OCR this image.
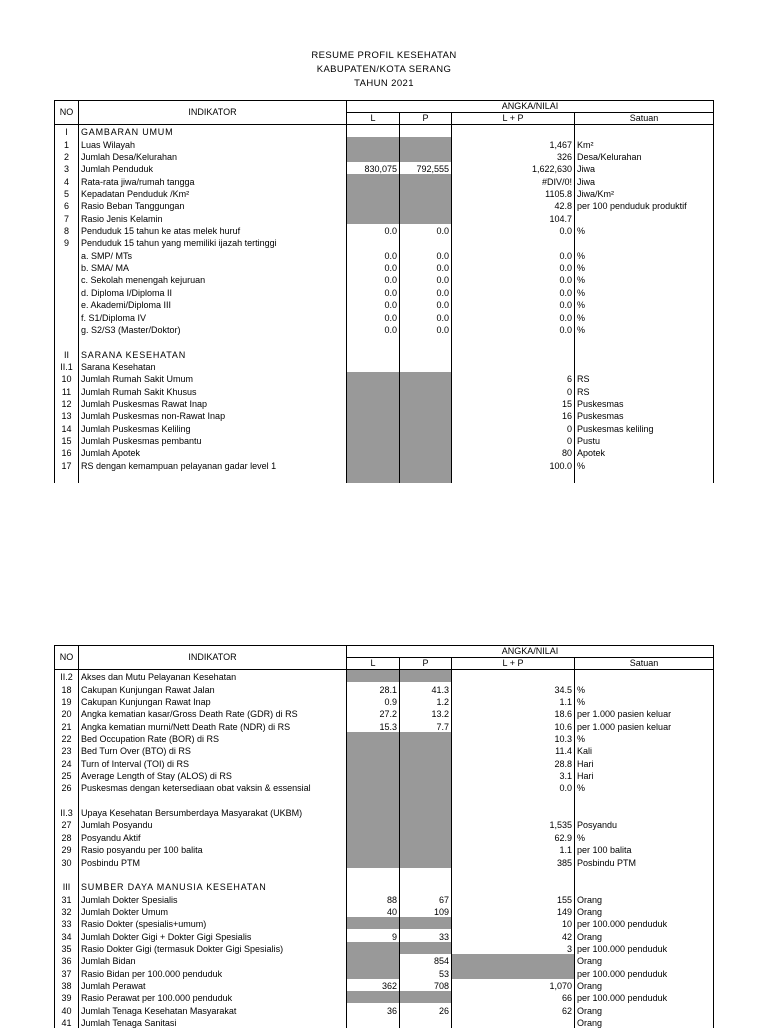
RESUME PROFIL KESEHATAN
KABUPATEN/KOTA SERANG
TAHUN 2021
NO	INDIKATOR	ANGKA/NILAI			
		L	P	L + P	Satuan
I	GAMBARAN UMUM				
1	Luas Wilayah			1,467	Km²
2	Jumlah Desa/Kelurahan			326	Desa/Kelurahan
3	Jumlah Penduduk	830,075	792,555	1,622,630	Jiwa
4	Rata-rata jiwa/rumah tangga			#DIV/0!	Jiwa
5	Kepadatan Penduduk /Km²			1105.8	Jiwa/Km²
6	Rasio Beban Tanggungan			42.8	per 100 penduduk produktif
7	Rasio Jenis Kelamin			104.7	
8	Penduduk 15 tahun ke atas melek huruf	0.0	0.0	0.0	%
9	Penduduk 15 tahun yang memiliki ijazah tertinggi				
	a. SMP/ MTs	0.0	0.0	0.0	%
	b. SMA/ MA	0.0	0.0	0.0	%
	c. Sekolah menengah kejuruan	0.0	0.0	0.0	%
	d. Diploma I/Diploma II	0.0	0.0	0.0	%
	e. Akademi/Diploma III	0.0	0.0	0.0	%
	f. S1/Diploma IV	0.0	0.0	0.0	%
	g. S2/S3 (Master/Doktor)	0.0	0.0	0.0	%

II	SARANA KESEHATAN				
II.1	Sarana Kesehatan				
10	Jumlah Rumah Sakit Umum			6	RS
11	Jumlah Rumah Sakit Khusus			0	RS
12	Jumlah Puskesmas Rawat Inap			15	Puskesmas
13	Jumlah Puskesmas non-Rawat Inap			16	Puskesmas
14	Jumlah Puskesmas Keliling			0	Puskesmas keliling
15	Jumlah Puskesmas pembantu			0	Pustu
16	Jumlah Apotek			80	Apotek
17	RS dengan kemampuan pelayanan gadar level 1			100.0	%

NO	INDIKATOR	ANGKA/NILAI			
		L	P	L + P	Satuan
II.2	Akses dan Mutu Pelayanan Kesehatan				
18	Cakupan Kunjungan Rawat Jalan	28.1	41.3	34.5	%
19	Cakupan Kunjungan Rawat Inap	0.9	1.2	1.1	%
20	Angka kematian kasar/Gross Death Rate (GDR) di RS	27.2	13.2	18.6	per 1.000 pasien keluar
21	Angka kematian murni/Nett Death Rate (NDR) di RS	15.3	7.7	10.6	per 1.000 pasien keluar
22	Bed Occupation Rate (BOR) di RS			10.3	%
23	Bed Turn Over (BTO) di RS			11.4	Kali
24	Turn of Interval (TOI) di RS			28.8	Hari
25	Average Length of Stay (ALOS) di RS			3.1	Hari
26	Puskesmas dengan ketersediaan obat vaksin & essensial			0.0	%

II.3	Upaya Kesehatan Bersumberdaya Masyarakat (UKBM)				
27	Jumlah Posyandu			1,535	Posyandu
28	Posyandu Aktif			62.9	%
29	Rasio posyandu per 100 balita			1.1	per 100 balita
30	Posbindu PTM			385	Posbindu PTM

III	SUMBER DAYA MANUSIA KESEHATAN				
31	Jumlah Dokter Spesialis	88	67	155	Orang
32	Jumlah Dokter Umum	40	109	149	Orang
33	Rasio Dokter (spesialis+umum)			10	per 100.000 penduduk
34	Jumlah Dokter Gigi + Dokter Gigi Spesialis	9	33	42	Orang
35	Rasio Dokter Gigi (termasuk Dokter Gigi Spesialis)			3	per 100.000 penduduk
36	Jumlah Bidan		854		Orang
37	Rasio Bidan per 100.000 penduduk		53		per 100.000 penduduk
38	Jumlah Perawat	362	708	1,070	Orang
39	Rasio Perawat per 100.000 penduduk			66	per 100.000 penduduk
40	Jumlah Tenaga Kesehatan Masyarakat	36	26	62	Orang
41	Jumlah Tenaga Sanitasi				Orang
